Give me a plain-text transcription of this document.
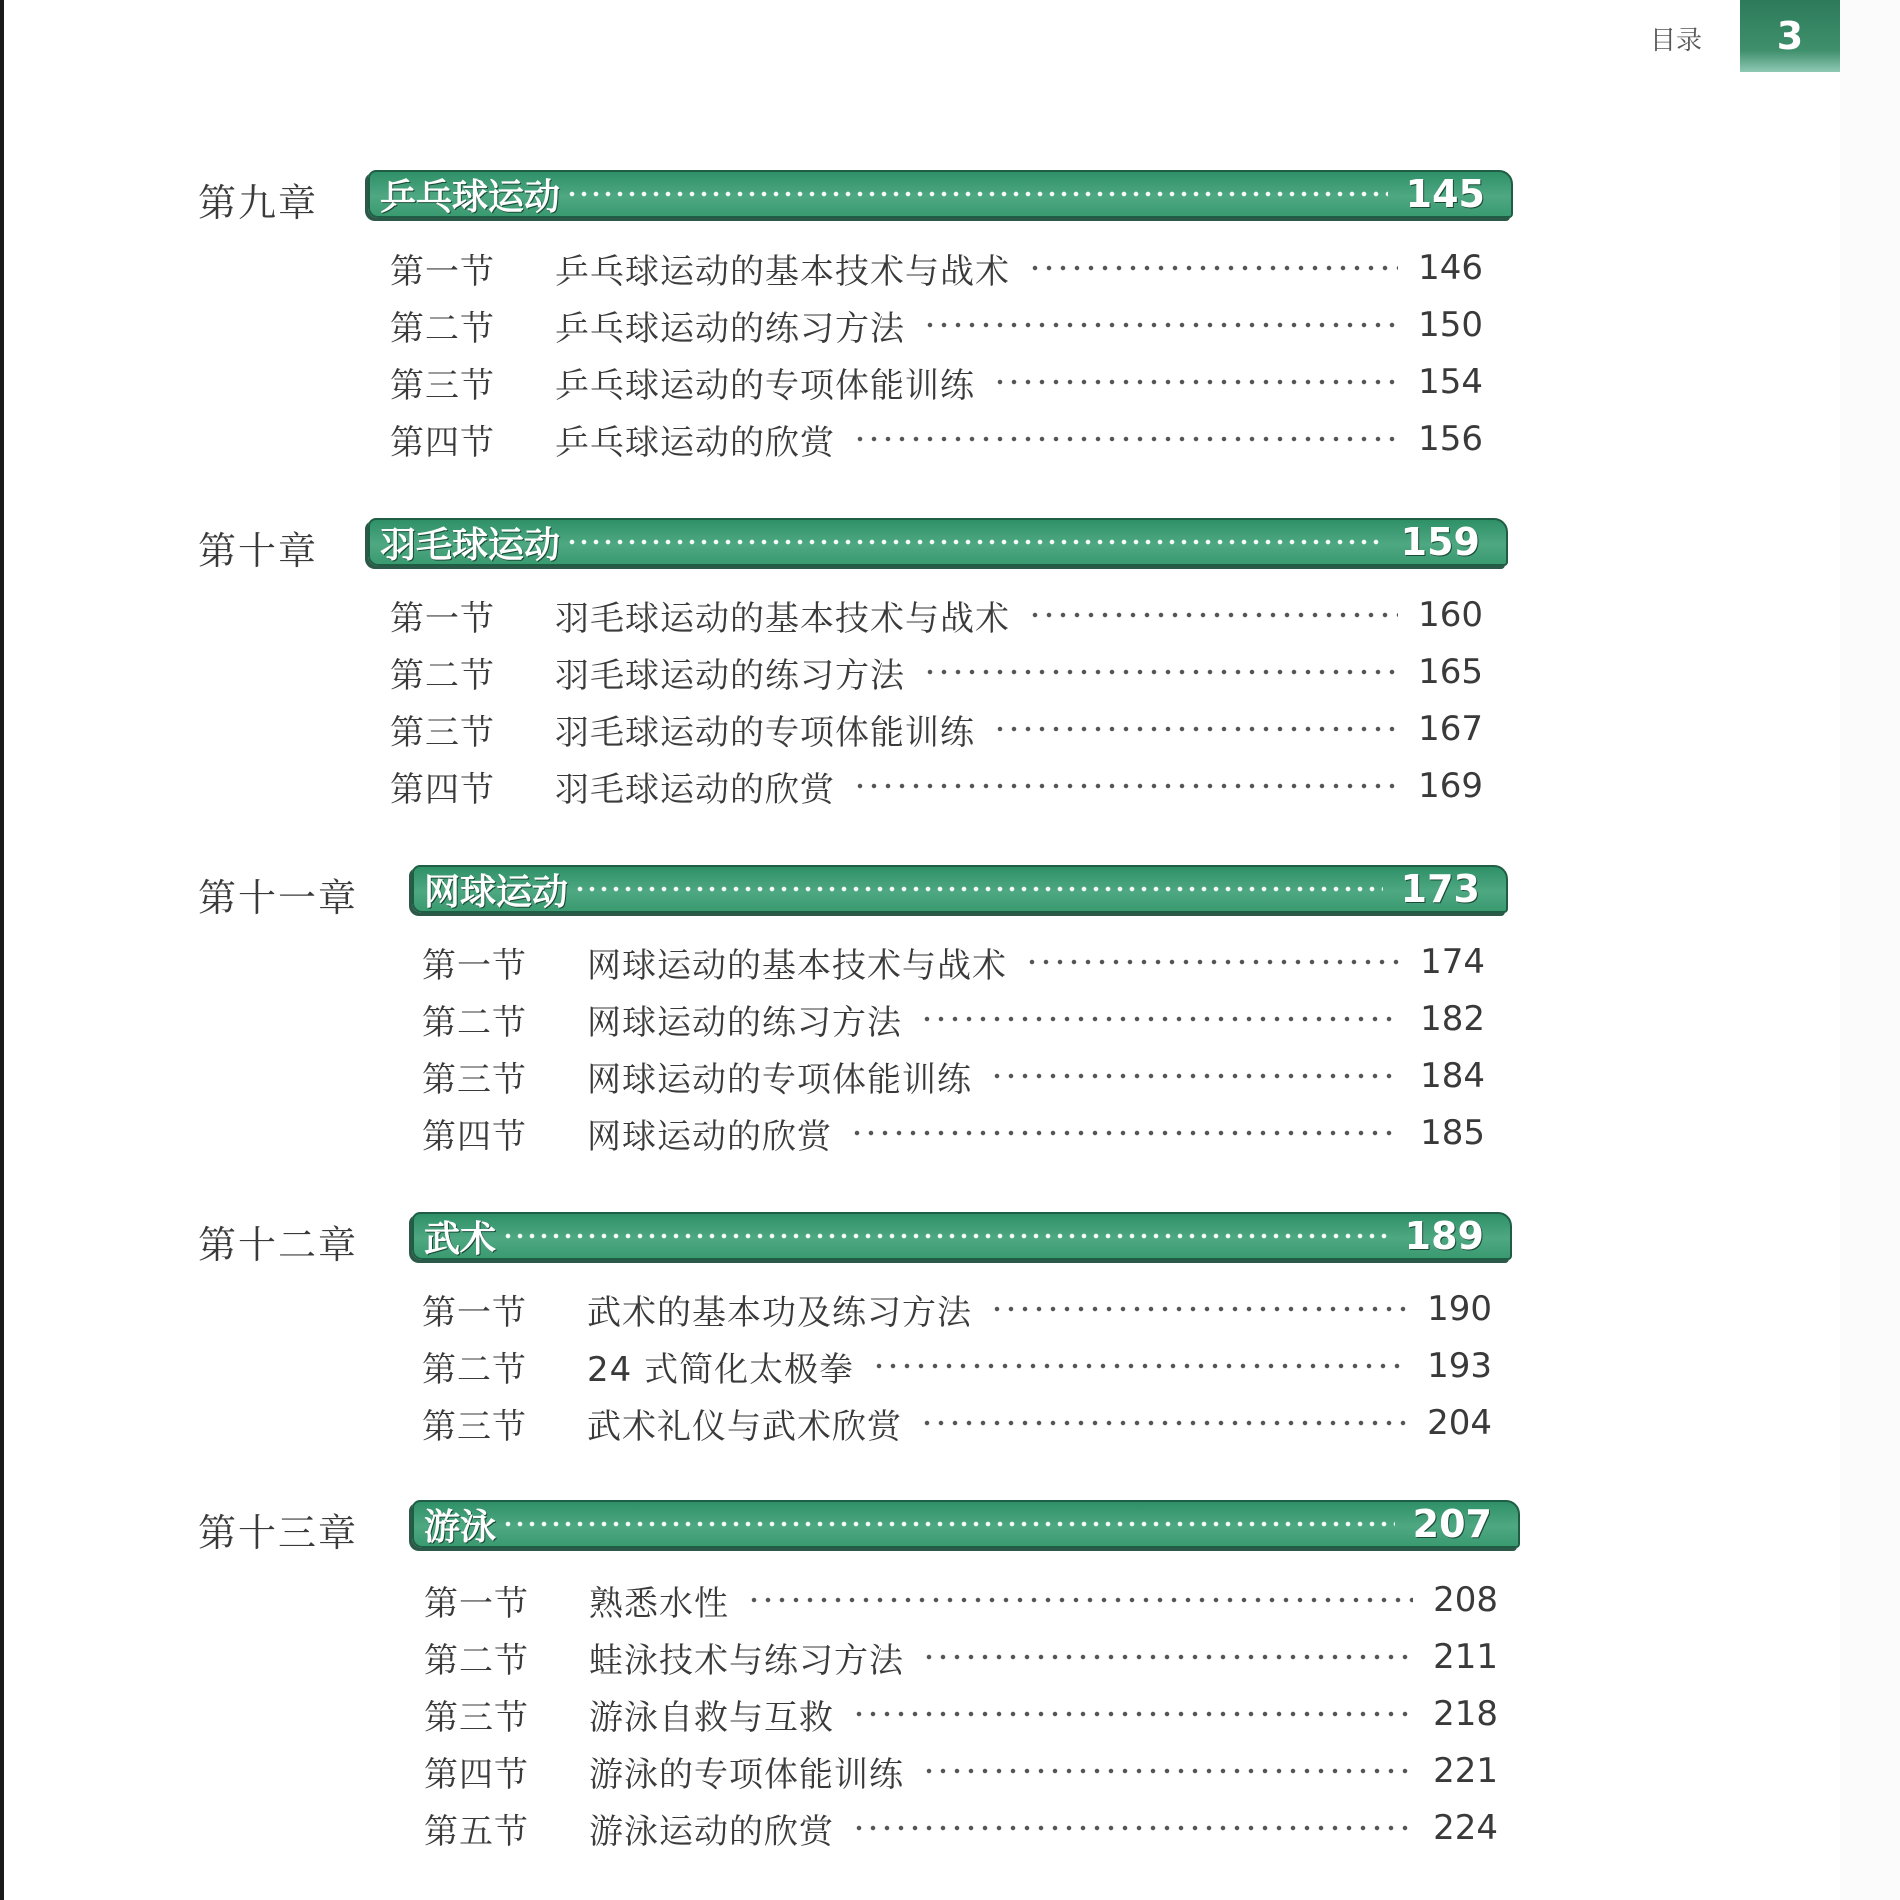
目录 3
第九章 乒乓球运动	145
第一节	乒乓球运动的基本技术与战术	146
第二节	乒乓球运动的练习方法	150
第三节	乒乓球运动的专项体能训练	154
第四节	乒乓球运动的欣赏	156
第十章 羽毛球运动	159
第一节	羽毛球运动的基本技术与战术	160
第二节	羽毛球运动的练习方法	165
第三节	羽毛球运动的专项体能训练	167
第四节	羽毛球运动的欣赏	169
第十一章 网球运动	173
第一节	网球运动的基本技术与战术	174
第二节	网球运动的练习方法	182
第三节	网球运动的专项体能训练	184
第四节	网球运动的欣赏	185
第十二章 武术	189
第一节	武术的基本功及练习方法	190
第二节	24 式简化太极拳	193
第三节	武术礼仪与武术欣赏	204
第十三章 游泳	207
第一节	熟悉水性	208
第二节	蛙泳技术与练习方法	211
第三节	游泳自救与互救	218
第四节	游泳的专项体能训练	221
第五节	游泳运动的欣赏	224
